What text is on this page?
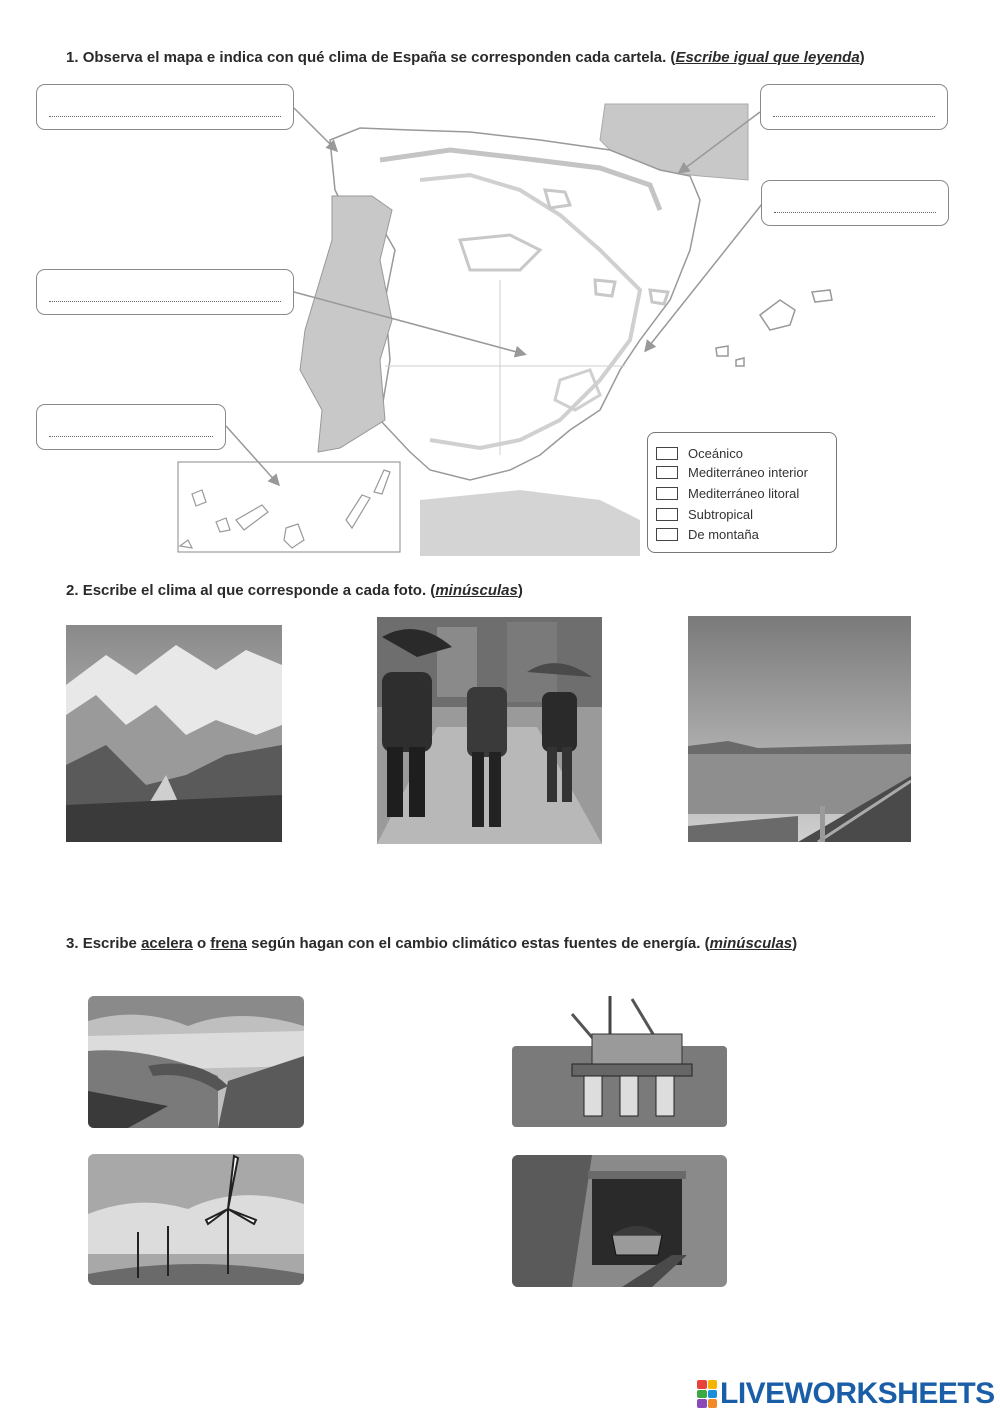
1. Observa el mapa e indica con qué clima de España se corresponden cada cartela. (Escribe igual que leyenda)
Oceánico
Mediterráneo interior
Mediterráneo litoral
Subtropical
De montaña
2. Escribe el clima al que corresponde a cada foto. (minúsculas)
3. Escribe acelera o frena según hagan con el cambio climático estas fuentes de energía. (minúsculas)
LIVEWORKSHEETS
